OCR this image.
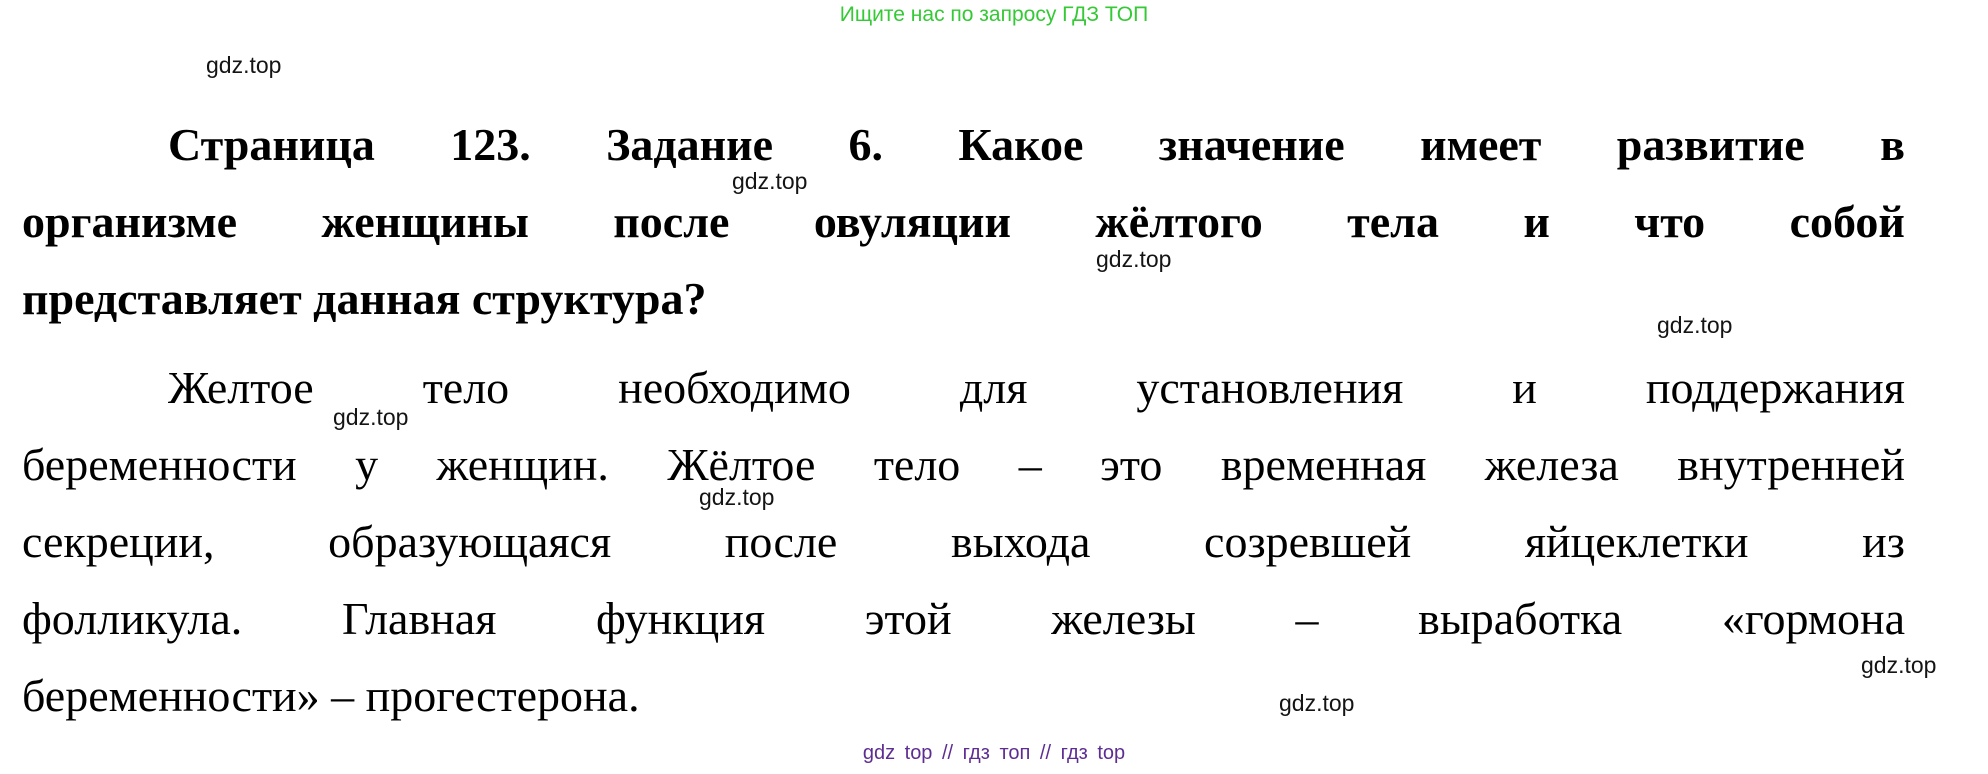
Ищите нас по запросу ГДЗ ТОП
gdz.top
gdz.top
gdz.top
gdz.top
gdz.top
gdz.top
gdz.top
gdz.top
Страница 123. Задание 6. Какое значение имеет развитие в
организме женщины после овуляции жёлтого тела и что собой
представляет данная структура?
Желтое тело необходимо для установления и поддержания
беременности у женщин. Жёлтое тело – это временная железа внутренней
секреции, образующаяся после выхода созревшей яйцеклетки из
фолликула. Главная функция этой железы – выработка «гормона
беременности» – прогестерона.
gdz top // гдз топ // гдз top
